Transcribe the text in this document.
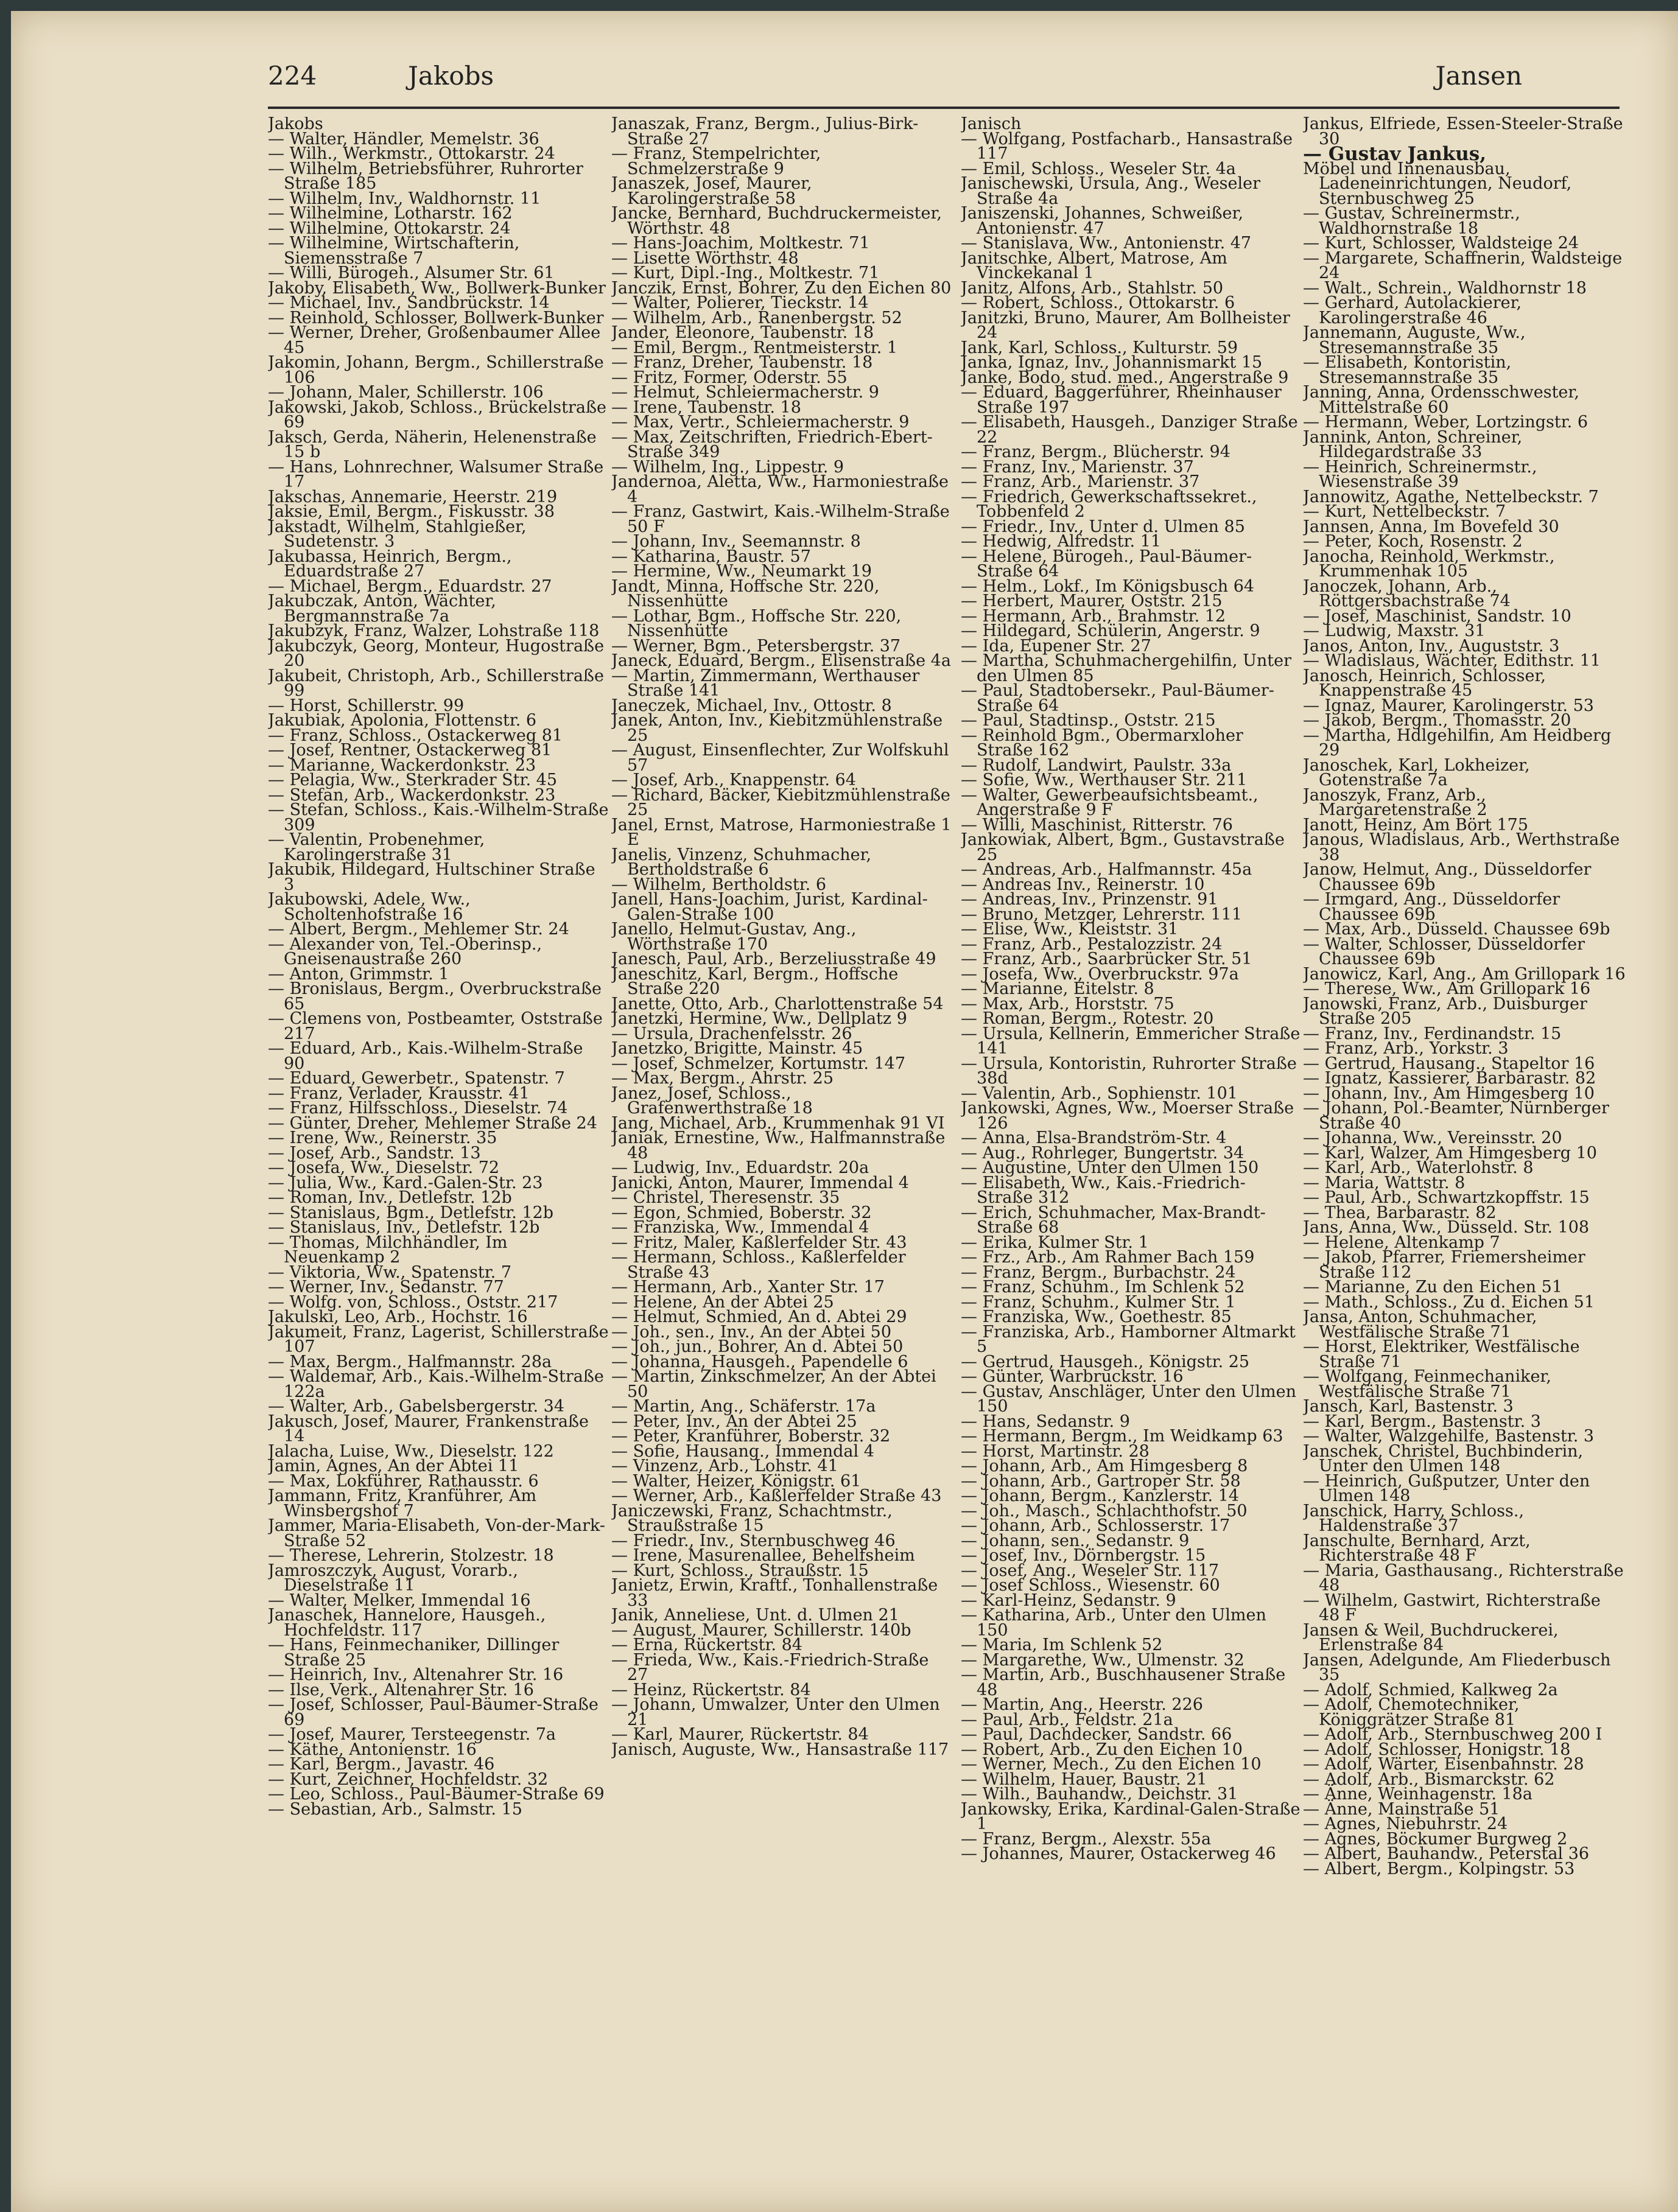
224	Jakobs	Jansen
Jakobs
— Walter, Händler, Memelstr. 36
— Wilh., Werkmstr., Ottokarstr. 24
— Wilhelm, Betriebsführer, Ruhrorter Straße 185
— Wilhelm, Inv., Waldhornstr. 11
— Wilhelmine, Lotharstr. 162
— Wilhelmine, Ottokarstr. 24
— Wilhelmine, Wirtschafterin, Siemensstraße 7
— Willi, Bürogeh., Alsumer Str. 61
Jakoby, Elisabeth, Ww., Bollwerk-Bunker
— Michael, Inv., Sandbrückstr. 14
— Reinhold, Schlosser, Bollwerk-Bunker
— Werner, Dreher, Großenbaumer Allee 45
Jakomin, Johann, Bergm., Schillerstraße 106
— Johann, Maler, Schillerstr. 106
Jakowski, Jakob, Schloss., Brückelstraße 69
Jaksch, Gerda, Näherin, Helenenstraße 15 b
— Hans, Lohnrechner, Walsumer Straße 17
Jakschas, Annemarie, Heerstr. 219
Jaksie, Emil, Bergm., Fiskusstr. 38
Jakstadt, Wilhelm, Stahlgießer, Sudetenstr. 3
Jakubassa, Heinrich, Bergm., Eduardstraße 27
— Michael, Bergm., Eduardstr. 27
Jakubczak, Anton, Wächter, Bergmannstraße 7a
Jakubzyk, Franz, Walzer, Lohstraße 118
Jakubczyk, Georg, Monteur, Hugostraße 20
Jakubeit, Christoph, Arb., Schillerstraße 99
— Horst, Schillerstr. 99
Jakubiak, Apolonia, Flottenstr. 6
— Franz, Schloss., Ostackerweg 81
— Josef, Rentner, Ostackerweg 81
— Marianne, Wackerdonkstr. 23
— Pelagia, Ww., Sterkrader Str. 45
— Stefan, Arb., Wackerdonkstr. 23
— Stefan, Schloss., Kais.-Wilhelm-Straße 309
— Valentin, Probenehmer, Karolingerstraße 31
Jakubik, Hildegard, Hultschiner Straße 3
Jakubowski, Adele, Ww., Scholtenhofstraße 16
— Albert, Bergm., Mehlemer Str. 24
— Alexander von, Tel.-Oberinsp., Gneisenaustraße 260
— Anton, Grimmstr. 1
— Bronislaus, Bergm., Overbruckstraße 65
— Clemens von, Postbeamter, Oststraße 217
— Eduard, Arb., Kais.-Wilhelm-Straße 90
— Eduard, Gewerbetr., Spatenstr. 7
— Franz, Verlader, Krausstr. 41
— Franz, Hilfsschloss., Dieselstr. 74
— Günter, Dreher, Mehlemer Straße 24
— Irene, Ww., Reinerstr. 35
— Josef, Arb., Sandstr. 13
— Josefa, Ww., Dieselstr. 72
— Julia, Ww., Kard.-Galen-Str. 23
— Roman, Inv., Detlefstr. 12b
— Stanislaus, Bgm., Detlefstr. 12b
— Stanislaus, Inv., Detlefstr. 12b
— Thomas, Milchhändler, Im Neuenkamp 2
— Viktoria, Ww., Spatenstr. 7
— Werner, Inv., Sedanstr. 77
— Wolfg. von, Schloss., Oststr. 217
Jakulski, Leo, Arb., Hochstr. 16
Jakumeit, Franz, Lagerist, Schillerstraße 107
— Max, Bergm., Halfmannstr. 28a
— Waldemar, Arb., Kais.-Wilhelm-Straße 122a
— Walter, Arb., Gabelsbergerstr. 34
Jakusch, Josef, Maurer, Frankenstraße 14
Jalacha, Luise, Ww., Dieselstr. 122
Jamin, Agnes, An der Abtei 11
— Max, Lokführer, Rathausstr. 6
Jammann, Fritz, Kranführer, Am Winsbergshof 7
Jammer, Maria-Elisabeth, Von-der-Mark-Straße 52
— Therese, Lehrerin, Stolzestr. 18
Jamroszczyk, August, Vorarb., Dieselstraße 11
— Walter, Melker, Immendal 16
Janaschek, Hannelore, Hausgeh., Hochfeldstr. 117
— Hans, Feinmechaniker, Dillinger Straße 25
— Heinrich, Inv., Altenahrer Str. 16
— Ilse, Verk., Altenahrer Str. 16
— Josef, Schlosser, Paul-Bäumer-Straße 69
— Josef, Maurer, Tersteegenstr. 7a
— Käthe, Antonienstr. 16
— Karl, Bergm., Javastr. 46
— Kurt, Zeichner, Hochfeldstr. 32
— Leo, Schloss., Paul-Bäumer-Straße 69
— Sebastian, Arb., Salmstr. 15
Janaszak, Franz, Bergm., Julius-Birk-Straße 27
— Franz, Stempelrichter, Schmelzerstraße 9
Janaszek, Josef, Maurer, Karolingerstraße 58
Jancke, Bernhard, Buchdruckermeister, Wörthstr. 48
— Hans-Joachim, Moltkestr. 71
— Lisette Wörthstr. 48
— Kurt, Dipl.-Ing., Moltkestr. 71
Janczik, Ernst, Bohrer, Zu den Eichen 80
— Walter, Polierer, Tieckstr. 14
— Wilhelm, Arb., Ranenbergstr. 52
Jander, Eleonore, Taubenstr. 18
— Emil, Bergm., Rentmeisterstr. 1
— Franz, Dreher, Taubenstr. 18
— Fritz, Former, Oderstr. 55
— Helmut, Schleiermacherstr. 9
— Irene, Taubenstr. 18
— Max, Vertr., Schleiermacherstr. 9
— Max, Zeitschriften, Friedrich-Ebert-Straße 349
— Wilhelm, Ing., Lippestr. 9
Jandernoa, Aletta, Ww., Harmoniestraße 4
— Franz, Gastwirt, Kais.-Wilhelm-Straße 50 F
— Johann, Inv., Seemannstr. 8
— Katharina, Baustr. 57
— Hermine, Ww., Neumarkt 19
Jandt, Minna, Hoffsche Str. 220, Nissenhütte
— Lothar, Bgm., Hoffsche Str. 220, Nissenhütte
— Werner, Bgm., Petersbergstr. 37
Janeck, Eduard, Bergm., Elisenstraße 4a
— Martin, Zimmermann, Werthauser Straße 141
Janeczek, Michael, Inv., Ottostr. 8
Janek, Anton, Inv., Kiebitzmühlenstraße 25
— August, Einsenflechter, Zur Wolfskuhl 57
— Josef, Arb., Knappenstr. 64
— Richard, Bäcker, Kiebitzmühlenstraße 25
Janel, Ernst, Matrose, Harmoniestraße 1 E
Janelis, Vinzenz, Schuhmacher, Bertholdstraße 6
— Wilhelm, Bertholdstr. 6
Janell, Hans-Joachim, Jurist, Kardinal-Galen-Straße 100
Janello, Helmut-Gustav, Ang., Wörthstraße 170
Janesch, Paul, Arb., Berzeliusstraße 49
Janeschitz, Karl, Bergm., Hoffsche Straße 220
Janette, Otto, Arb., Charlottenstraße 54
Janetzki, Hermine, Ww., Dellplatz 9
— Ursula, Drachenfelsstr. 26
Janetzko, Brigitte, Mainstr. 45
— Josef, Schmelzer, Kortumstr. 147
— Max, Bergm., Ahrstr. 25
Janez, Josef, Schloss., Grafenwerthstraße 18
Jang, Michael, Arb., Krummenhak 91 VI
Janiak, Ernestine, Ww., Halfmannstraße 48
— Ludwig, Inv., Eduardstr. 20a
Janicki, Anton, Maurer, Immendal 4
— Christel, Theresenstr. 35
— Egon, Schmied, Boberstr. 32
— Franziska, Ww., Immendal 4
— Fritz, Maler, Kaßlerfelder Str. 43
— Hermann, Schloss., Kaßlerfelder Straße 43
— Hermann, Arb., Xanter Str. 17
— Helene, An der Abtei 25
— Helmut, Schmied, An d. Abtei 29
— Joh., sen., Inv., An der Abtei 50
— Joh., jun., Bohrer, An d. Abtei 50
— Johanna, Hausgeh., Papendelle 6
— Martin, Zinkschmelzer, An der Abtei 50
— Martin, Ang., Schäferstr. 17a
— Peter, Inv., An der Abtei 25
— Peter, Kranführer, Boberstr. 32
— Sofie, Hausang., Immendal 4
— Vinzenz, Arb., Lohstr. 41
— Walter, Heizer, Königstr. 61
— Werner, Arb., Kaßlerfelder Straße 43
Janiczewski, Franz, Schachtmstr., Straußstraße 15
— Friedr., Inv., Sternbuschweg 46
— Irene, Masurenallee, Behelfsheim
— Kurt, Schloss., Straußstr. 15
Janietz, Erwin, Kraftf., Tonhallenstraße 33
Janik, Anneliese, Unt. d. Ulmen 21
— August, Maurer, Schillerstr. 140b
— Erna, Rückertstr. 84
— Frieda, Ww., Kais.-Friedrich-Straße 27
— Heinz, Rückertstr. 84
— Johann, Umwalzer, Unter den Ulmen 21
— Karl, Maurer, Rückertstr. 84
Janisch, Auguste, Ww., Hansastraße 117
Janisch
— Wolfgang, Postfacharb., Hansastraße 117
— Emil, Schloss., Weseler Str. 4a
Janischewski, Ursula, Ang., Weseler Straße 4a
Janiszenski, Johannes, Schweißer, Antonienstr. 47
— Stanislava, Ww., Antonienstr. 47
Janitschke, Albert, Matrose, Am Vinckekanal 1
Janitz, Alfons, Arb., Stahlstr. 50
— Robert, Schloss., Ottokarstr. 6
Janitzki, Bruno, Maurer, Am Bollheister 24
Jank, Karl, Schloss., Kulturstr. 59
Janka, Ignaz, Inv., Johannismarkt 15
Janke, Bodo, stud. med., Angerstraße 9
— Eduard, Baggerführer, Rheinhauser Straße 197
— Elisabeth, Hausgeh., Danziger Straße 22
— Franz, Bergm., Blücherstr. 94
— Franz, Inv., Marienstr. 37
— Franz, Arb., Marienstr. 37
— Friedrich, Gewerkschaftssekret., Tobbenfeld 2
— Friedr., Inv., Unter d. Ulmen 85
— Hedwig, Alfredstr. 11
— Helene, Bürogeh., Paul-Bäumer-Straße 64
— Helm., Lokf., Im Königsbusch 64
— Herbert, Maurer, Oststr. 215
— Hermann, Arb., Brahmstr. 12
— Hildegard, Schülerin, Angerstr. 9
— Ida, Eupener Str. 27
— Martha, Schuhmachergehilfin, Unter den Ulmen 85
— Paul, Stadtobersekr., Paul-Bäumer-Straße 64
— Paul, Stadtinsp., Oststr. 215
— Reinhold Bgm., Obermarxloher Straße 162
— Rudolf, Landwirt, Paulstr. 33a
— Sofie, Ww., Werthauser Str. 211
— Walter, Gewerbeaufsichtsbeamt., Angerstraße 9 F
— Willi, Maschinist, Ritterstr. 76
Jankowiak, Albert, Bgm., Gustavstraße 25
— Andreas, Arb., Halfmannstr. 45a
— Andreas Inv., Reinerstr. 10
— Andreas, Inv., Prinzenstr. 91
— Bruno, Metzger, Lehrerstr. 111
— Elise, Ww., Kleiststr. 31
— Franz, Arb., Pestalozzistr. 24
— Franz, Arb., Saarbrücker Str. 51
— Josefa, Ww., Overbruckstr. 97a
— Marianne, Eitelstr. 8
— Max, Arb., Horststr. 75
— Roman, Bergm., Rotestr. 20
— Ursula, Kellnerin, Emmericher Straße 141
— Ursula, Kontoristin, Ruhrorter Straße 38d
— Valentin, Arb., Sophienstr. 101
Jankowski, Agnes, Ww., Moerser Straße 126
— Anna, Elsa-Brandström-Str. 4
— Aug., Rohrleger, Bungertstr. 34
— Augustine, Unter den Ulmen 150
— Elisabeth, Ww., Kais.-Friedrich-Straße 312
— Erich, Schuhmacher, Max-Brandt-Straße 68
— Erika, Kulmer Str. 1
— Frz., Arb., Am Rahmer Bach 159
— Franz, Bergm., Burbachstr. 24
— Franz, Schuhm., Im Schlenk 52
— Franz, Schuhm., Kulmer Str. 1
— Franziska, Ww., Goethestr. 85
— Franziska, Arb., Hamborner Altmarkt 5
— Gertrud, Hausgeh., Königstr. 25
— Günter, Warbruckstr. 16
— Gustav, Anschläger, Unter den Ulmen 150
— Hans, Sedanstr. 9
— Hermann, Bergm., Im Weidkamp 63
— Horst, Martinstr. 28
— Johann, Arb., Am Himgesberg 8
— Johann, Arb., Gartroper Str. 58
— Johann, Bergm., Kanzlerstr. 14
— Joh., Masch., Schlachthofstr. 50
— Johann, Arb., Schlosserstr. 17
— Johann, sen., Sedanstr. 9
— Josef, Inv., Dörnbergstr. 15
— Josef, Ang., Weseler Str. 117
— Josef Schloss., Wiesenstr. 60
— Karl-Heinz, Sedanstr. 9
— Katharina, Arb., Unter den Ulmen 150
— Maria, Im Schlenk 52
— Margarethe, Ww., Ulmenstr. 32
— Martin, Arb., Buschhausener Straße 48
— Martin, Ang., Heerstr. 226
— Paul, Arb., Feldstr. 21a
— Paul, Dachdecker, Sandstr. 66
— Robert, Arb., Zu den Eichen 10
— Werner, Mech., Zu den Eichen 10
— Wilhelm, Hauer, Baustr. 21
— Wilh., Bauhandw., Deichstr. 31
Jankowsky, Erika, Kardinal-Galen-Straße 1
— Franz, Bergm., Alexstr. 55a
— Johannes, Maurer, Ostackerweg 46
Jankus, Elfriede, Essen-Steeler-Straße 30
— Gustav Jankus,
Möbel und Innenausbau, Ladeneinrichtungen, Neudorf, Sternbuschweg 25
— Gustav, Schreinermstr., Waldhornstraße 18
— Kurt, Schlosser, Waldsteige 24
— Margarete, Schaffnerin, Waldsteige 24
— Walt., Schrein., Waldhornstr 18
— Gerhard, Autolackierer, Karolingerstraße 46
Jannemann, Auguste, Ww., Stresemannstraße 35
— Elisabeth, Kontoristin, Stresemannstraße 35
Janning, Anna, Ordensschwester, Mittelstraße 60
— Hermann, Weber, Lortzingstr. 6
Jannink, Anton, Schreiner, Hildegardstraße 33
— Heinrich, Schreinermstr., Wiesenstraße 39
Jannowitz, Agathe, Nettelbeckstr. 7
— Kurt, Nettelbeckstr. 7
Jannsen, Anna, Im Bovefeld 30
— Peter, Koch, Rosenstr. 2
Janocha, Reinhold, Werkmstr., Krummenhak 105
Janoczek, Johann, Arb., Röttgersbachstraße 74
— Josef, Maschinist, Sandstr. 10
— Ludwig, Maxstr. 31
Janos, Anton, Inv., Auguststr. 3
— Wladislaus, Wächter, Edithstr. 11
Janosch, Heinrich, Schlosser, Knappenstraße 45
— Ignaz, Maurer, Karolingerstr. 53
— Jakob, Bergm., Thomasstr. 20
— Martha, Hdlgehilfin, Am Heidberg 29
Janoschek, Karl, Lokheizer, Gotenstraße 7a
Janoszyk, Franz, Arb., Margaretenstraße 2
Janott, Heinz, Am Bört 175
Janous, Wladislaus, Arb., Werthstraße 38
Janow, Helmut, Ang., Düsseldorfer Chaussee 69b
— Irmgard, Ang., Düsseldorfer Chaussee 69b
— Max, Arb., Düsseld. Chaussee 69b
— Walter, Schlosser, Düsseldorfer Chaussee 69b
Janowicz, Karl, Ang., Am Grillopark 16
— Therese, Ww., Am Grillopark 16
Janowski, Franz, Arb., Duisburger Straße 205
— Franz, Inv., Ferdinandstr. 15
— Franz, Arb., Yorkstr. 3
— Gertrud, Hausang., Stapeltor 16
— Ignatz, Kassierer, Barbarastr. 82
— Johann, Inv., Am Himgesberg 10
— Johann, Pol.-Beamter, Nürnberger Straße 40
— Johanna, Ww., Vereinsstr. 20
— Karl, Walzer, Am Himgesberg 10
— Karl, Arb., Waterlohstr. 8
— Maria, Wattstr. 8
— Paul, Arb., Schwartzkopffstr. 15
— Thea, Barbarastr. 82
Jans, Anna, Ww., Düsseld. Str. 108
— Helene, Altenkamp 7
— Jakob, Pfarrer, Friemersheimer Straße 112
— Marianne, Zu den Eichen 51
— Math., Schloss., Zu d. Eichen 51
Jansa, Anton, Schuhmacher, Westfälische Straße 71
— Horst, Elektriker, Westfälische Straße 71
— Wolfgang, Feinmechaniker, Westfälische Straße 71
Jansch, Karl, Bastenstr. 3
— Karl, Bergm., Bastenstr. 3
— Walter, Walzgehilfe, Bastenstr. 3
Janschek, Christel, Buchbinderin, Unter den Ulmen 148
— Heinrich, Gußputzer, Unter den Ulmen 148
Janschick, Harry, Schloss., Haldenstraße 37
Janschulte, Bernhard, Arzt, Richterstraße 48 F
— Maria, Gasthausang., Richterstraße 48
— Wilhelm, Gastwirt, Richterstraße 48 F
Jansen & Weil, Buchdruckerei, Erlenstraße 84
Jansen, Adelgunde, Am Fliederbusch 35
— Adolf, Schmied, Kalkweg 2a
— Adolf, Chemotechniker, Königgrätzer Straße 81
— Adolf, Arb., Sternbuschweg 200 I
— Adolf, Schlosser, Honigstr. 18
— Adolf, Wärter, Eisenbahnstr. 28
— Adolf, Arb., Bismarckstr. 62
— Änne, Weinhagenstr. 18a
— Änne, Mainstraße 51
— Agnes, Niebuhrstr. 24
— Agnes, Böckumer Burgweg 2
— Albert, Bauhandw., Peterstal 36
— Albert, Bergm., Kolpingstr. 53
